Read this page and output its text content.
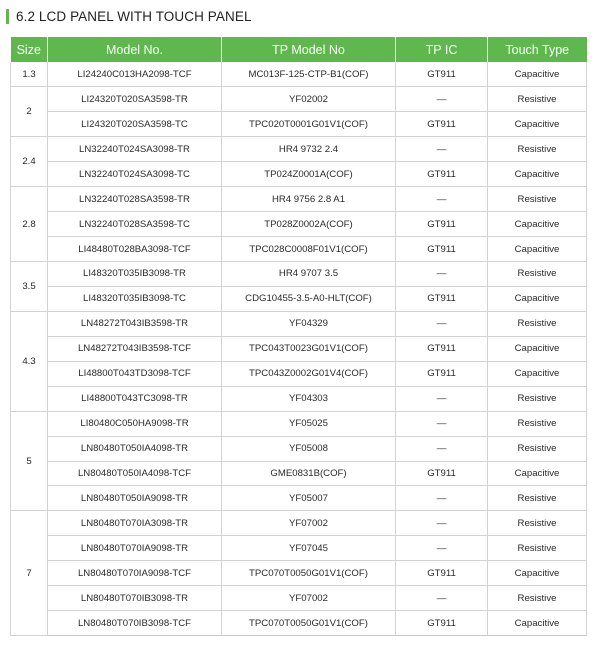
6.2 LCD PANEL WITH TOUCH PANEL
Size	Model No.	TP Model No	TP IC	Touch Type
1.3	LI24240C013HA2098-TCF	MC013F-125-CTP-B1(COF)	GT911	Capacitive
2	LI24320T020SA3598-TR	YF02002	—	Resistive
	LI24320T020SA3598-TC	TPC020T0001G01V1(COF)	GT911	Capacitive
2.4	LN32240T024SA3098-TR	HR4 9732 2.4	—	Resistive
	LN32240T024SA3098-TC	TP024Z0001A(COF)	GT911	Capacitive
2.8	LN32240T028SA3598-TR	HR4 9756 2.8 A1	—	Resistive
	LN32240T028SA3598-TC	TP028Z0002A(COF)	GT911	Capacitive
	LI48480T028BA3098-TCF	TPC028C0008F01V1(COF)	GT911	Capacitive
3.5	LI48320T035IB3098-TR	HR4 9707 3.5	—	Resistive
	LI48320T035IB3098-TC	CDG10455-3.5-A0-HLT(COF)	GT911	Capacitive
4.3	LN48272T043IB3598-TR	YF04329	—	Resistive
	LN48272T043IB3598-TCF	TPC043T0023G01V1(COF)	GT911	Capacitive
	LI48800T043TD3098-TCF	TPC043Z0002G01V4(COF)	GT911	Capacitive
	LI48800T043TC3098-TR	YF04303	—	Resistive
5	LI80480C050HA9098-TR	YF05025	—	Resistive
	LN80480T050IA4098-TR	YF05008	—	Resistive
	LN80480T050IA4098-TCF	GME0831B(COF)	GT911	Capacitive
	LN80480T050IA9098-TR	YF05007	—	Resistive
7	LN80480T070IA3098-TR	YF07002	—	Resistive
	LN80480T070IA9098-TR	YF07045	—	Resistive
	LN80480T070IA9098-TCF	TPC070T0050G01V1(COF)	GT911	Capacitive
	LN80480T070IB3098-TR	YF07002	—	Resistive
	LN80480T070IB3098-TCF	TPC070T0050G01V1(COF)	GT911	Capacitive
